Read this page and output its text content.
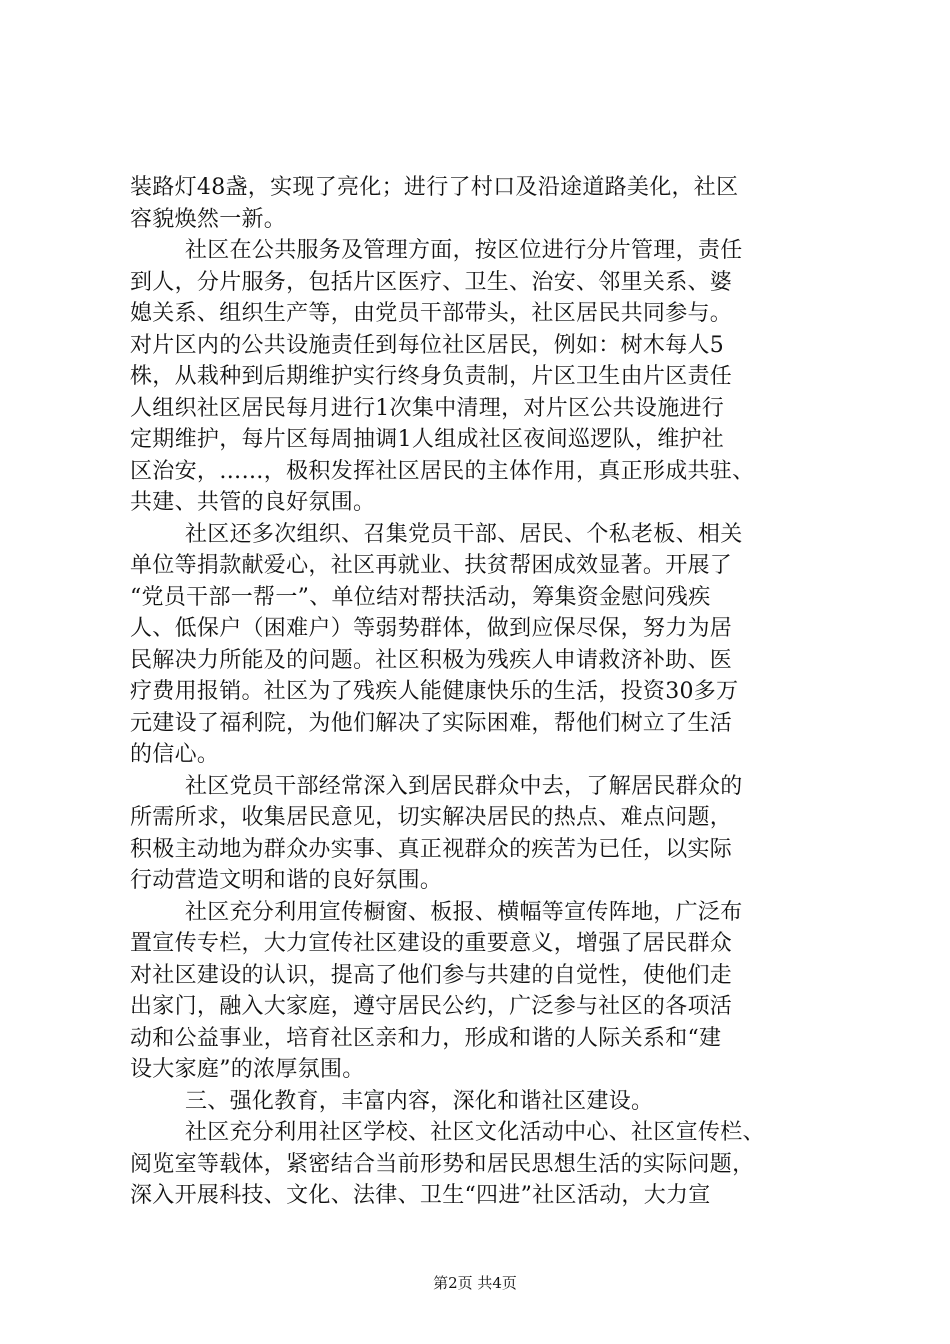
装路灯48盏，实现了亮化；进行了村口及沿途道路美化，社区
容貌焕然一新。
社区在公共服务及管理方面，按区位进行分片管理，责任
到人，分片服务，包括片区医疗、卫生、治安、邻里关系、婆
媳关系、组织生产等，由党员干部带头，社区居民共同参与。
对片区内的公共设施责任到每位社区居民，例如：树木每人5
株，从栽种到后期维护实行终身负责制，片区卫生由片区责任
人组织社区居民每月进行1次集中清理，对片区公共设施进行
定期维护，每片区每周抽调1人组成社区夜间巡逻队，维护社
区治安，……，极积发挥社区居民的主体作用，真正形成共驻、
共建、共管的良好氛围。
社区还多次组织、召集党员干部、居民、个私老板、相关
单位等捐款献爱心，社区再就业、扶贫帮困成效显著。开展了
“党员干部一帮一”、单位结对帮扶活动，筹集资金慰问残疾
人、低保户（困难户）等弱势群体，做到应保尽保，努力为居
民解决力所能及的问题。社区积极为残疾人申请救济补助、医
疗费用报销。社区为了残疾人能健康快乐的生活，投资30多万
元建设了福利院，为他们解决了实际困难，帮他们树立了生活
的信心。
社区党员干部经常深入到居民群众中去，了解居民群众的
所需所求，收集居民意见，切实解决居民的热点、难点问题，
积极主动地为群众办实事、真正视群众的疾苦为已任，以实际
行动营造文明和谐的良好氛围。
社区充分利用宣传橱窗、板报、横幅等宣传阵地，广泛布
置宣传专栏，大力宣传社区建设的重要意义，增强了居民群众
对社区建设的认识，提高了他们参与共建的自觉性，使他们走
出家门，融入大家庭，遵守居民公约，广泛参与社区的各项活
动和公益事业，培育社区亲和力，形成和谐的人际关系和“建
设大家庭”的浓厚氛围。
三、强化教育，丰富内容，深化和谐社区建设。
社区充分利用社区学校、社区文化活动中心、社区宣传栏、
阅览室等载体，紧密结合当前形势和居民思想生活的实际问题，
深入开展科技、文化、法律、卫生“四进”社区活动，大力宣
第2页 共4页
